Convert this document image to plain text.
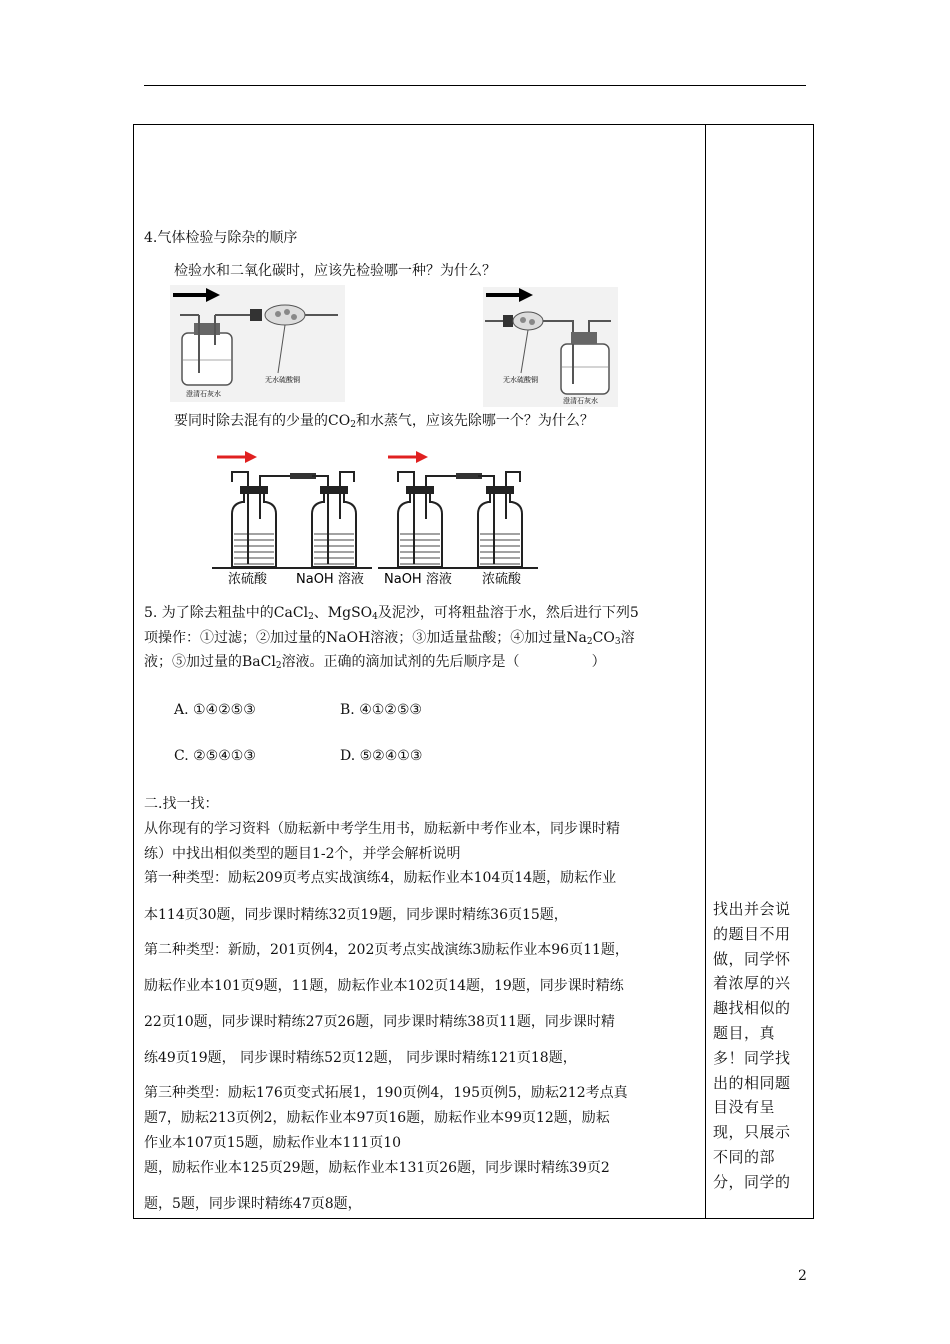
4.气体检验与除杂的顺序
检验水和二氧化碳时，应该先检验哪一种？为什么？
澄清石灰水
无水硫酸铜	无水硫酸铜
澄清石灰水
要同时除去混有的少量的$CO_2$和水蒸气，应该先除哪一个？为什么？
浓硫酸 NaOH 溶液 NaOH 溶液 浓硫酸
5. 为了除去粗盐中的CaCl$_2$、MgSO$_4$及泥沙，可将粗盐溶于水，然后进行下列5
项操作：①过滤；②加过量的NaOH溶液；③加适量盐酸；④加过量$Na_2CO_3$溶
液；⑤加过量的BaCl$_2$溶液。正确的滴加试剂的先后顺序是（	）
A. ①④②⑤③	B. ④①②⑤③
C. ②⑤④①③	D. ⑤②④①③
二.找一找：
从你现有的学习资料（励耘新中考学生用书，励耘新中考作业本，同步课时精
练）中找出相似类型的题目1-2个，并学会解析说明
第一种类型：励耘209页考点实战演练4，励耘作业本104页14题，励耘作业
本114页30题，同步课时精练32页19题，同步课时精练36页15题，
第二种类型：新励，201页例4，202页考点实战演练3励耘作业本96页11题，
励耘作业本101页9题，11题，励耘作业本102页14题，19题，同步课时精练
22页10题，同步课时精练27页26题，同步课时精练38页11题，同步课时精
练49页19题， 同步课时精练52页12题， 同步课时精练121页18题，
第三种类型：励耘176页变式拓展1，190页例4，195页例5，励耘212考点真
题7，励耘213页例2，励耘作业本97页16题，励耘作业本99页12题，励耘
作业本107页15题，励耘作业本111页10
题，励耘作业本125页29题，励耘作业本131页26题，同步课时精练39页2
题，5题，同步课时精练47页8题，
找出并会说
的题目不用
做，同学怀
着浓厚的兴
趣找相似的
题目，真
多！同学找
出的相同题
目没有呈
现，只展示
不同的部
分，同学的
2
